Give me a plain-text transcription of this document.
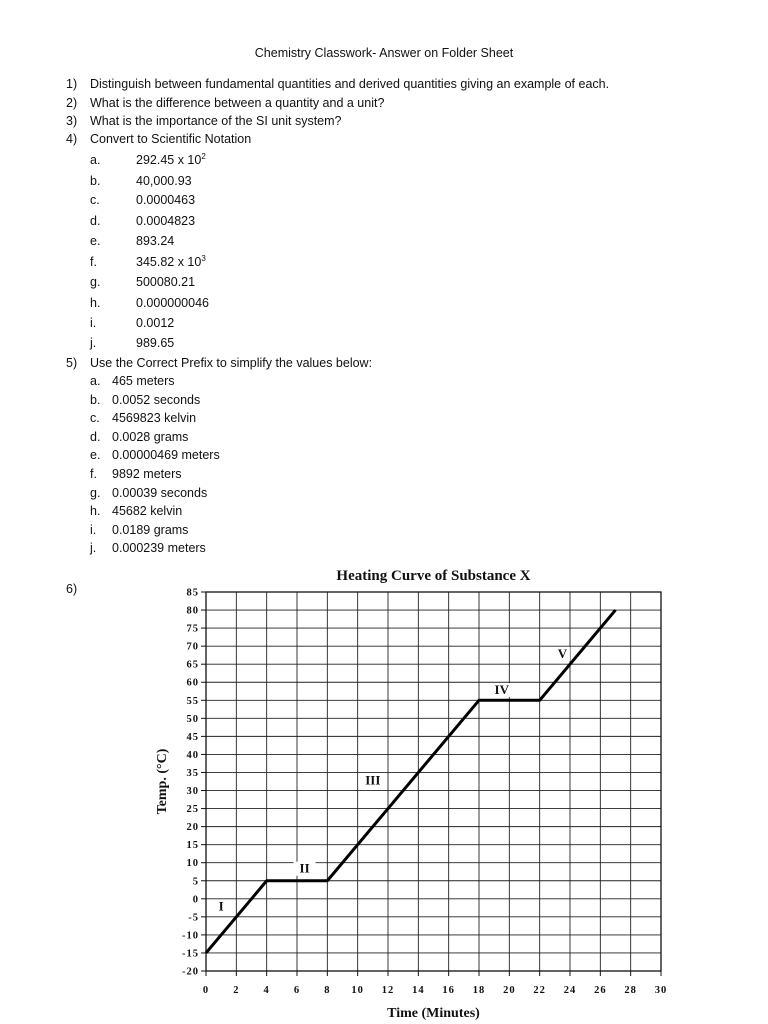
Chemistry Classwork- Answer on Folder Sheet
1) Distinguish between fundamental quantities and derived quantities giving an example of each.
2) What is the difference between a quantity and a unit?
3) What is the importance of the SI unit system?
4) Convert to Scientific Notation
a.	292.45 x $10^2$
b.	40,000.93
c.	0.0000463
d.	0.0004823
e.	893.24
f.	345.82 x $10^3$
g.	500080.21
h.	0.000000046
i.	0.0012
j.	989.65
5) Use the Correct Prefix to simplify the values below:
a. 465 meters
b. 0.0052 seconds
c. 4569823 kelvin
d. 0.0028 grams
e. 0.00000469 meters
f. 9892 meters
g. 0.00039 seconds
h. 45682 kelvin
i. 0.0189 grams
j. 0.000239 meters
6)
Heating Curve of Substance X
85
80
75
70
65
60
55
50
45
40
35
30
25
20
15
10
5
0
-5
-10
-15
-20
0 2 4 6 8 10 12 14 16 18 20 22 24 26 28 30
Time (Minutes)
Temp. (°C)
I
II
III
IV
V
